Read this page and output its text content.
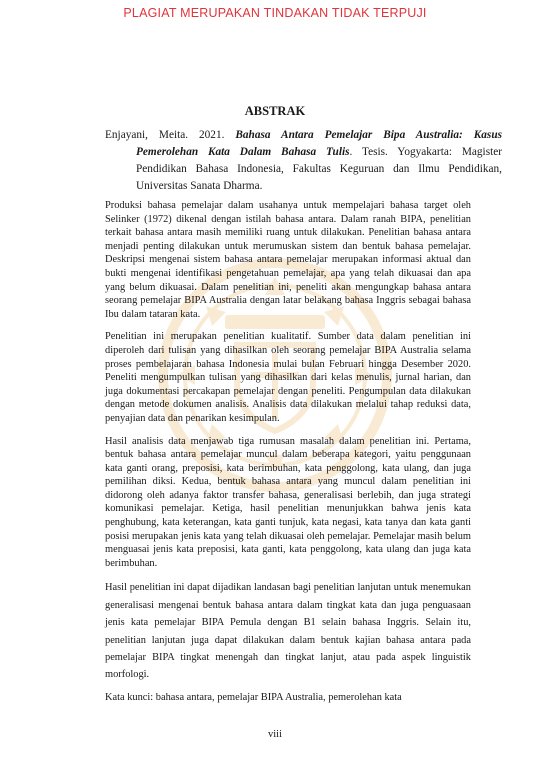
PLAGIAT MERUPAKAN TINDAKAN TIDAK TERPUJI
ABSTRAK
Enjayani, Meita. 2021. Bahasa Antara Pemelajar Bipa Australia: Kasus Pemerolehan Kata Dalam Bahasa Tulis. Tesis. Yogyakarta: Magister Pendidikan Bahasa Indonesia, Fakultas Keguruan dan Ilmu Pendidikan, Universitas Sanata Dharma.

Produksi bahasa pemelajar dalam usahanya untuk mempelajari bahasa target oleh Selinker (1972) dikenal dengan istilah bahasa antara. Dalam ranah BIPA, penelitian terkait bahasa antara masih memiliki ruang untuk dilakukan. Penelitian bahasa antara menjadi penting dilakukan untuk merumuskan sistem dan bentuk bahasa pemelajar. Deskripsi mengenai sistem bahasa antara pemelajar merupakan informasi aktual dan bukti mengenai identifikasi pengetahuan pemelajar, apa yang telah dikuasai dan apa yang belum dikuasai. Dalam penelitian ini, peneliti akan mengungkap bahasa antara seorang pemelajar BIPA Australia dengan latar belakang bahasa Inggris sebagai bahasa Ibu dalam tataran kata.

Penelitian ini merupakan penelitian kualitatif. Sumber data dalam penelitian ini diperoleh dari tulisan yang dihasilkan oleh seorang pemelajar BIPA Australia selama proses pembelajaran bahasa Indonesia mulai bulan Februari hingga Desember 2020. Peneliti mengumpulkan tulisan yang dihasilkan dari kelas menulis, jurnal harian, dan juga dokumentasi percakapan pemelajar dengan peneliti. Pengumpulan data dilakukan dengan metode dokumen analisis. Analisis data dilakukan melalui tahap reduksi data, penyajian data dan penarikan kesimpulan.

Hasil analisis data menjawab tiga rumusan masalah dalam penelitian ini. Pertama, bentuk bahasa antara pemelajar muncul dalam beberapa kategori, yaitu penggunaan kata ganti orang, preposisi, kata berimbuhan, kata penggolong, kata ulang, dan juga pemilihan diksi. Kedua, bentuk bahasa antara yang muncul dalam penelitian ini didorong oleh adanya faktor transfer bahasa, generalisasi berlebih, dan juga strategi komunikasi pemelajar. Ketiga, hasil penelitian menunjukkan bahwa jenis kata penghubung, kata keterangan, kata ganti tunjuk, kata negasi, kata tanya dan kata ganti posisi merupakan jenis kata yang telah dikuasai oleh pemelajar. Pemelajar masih belum menguasai jenis kata preposisi, kata ganti, kata penggolong, kata ulang dan juga kata berimbuhan.

Hasil penelitian ini dapat dijadikan landasan bagi penelitian lanjutan untuk menemukan generalisasi mengenai bentuk bahasa antara dalam tingkat kata dan juga penguasaan jenis kata pemelajar BIPA Pemula dengan B1 selain bahasa Inggris. Selain itu, penelitian lanjutan juga dapat dilakukan dalam bentuk kajian bahasa antara pada pemelajar BIPA tingkat menengah dan tingkat lanjut, atau pada aspek linguistik morfologi.

Kata kunci: bahasa antara, pemelajar BIPA Australia, pemerolehan kata

viii
